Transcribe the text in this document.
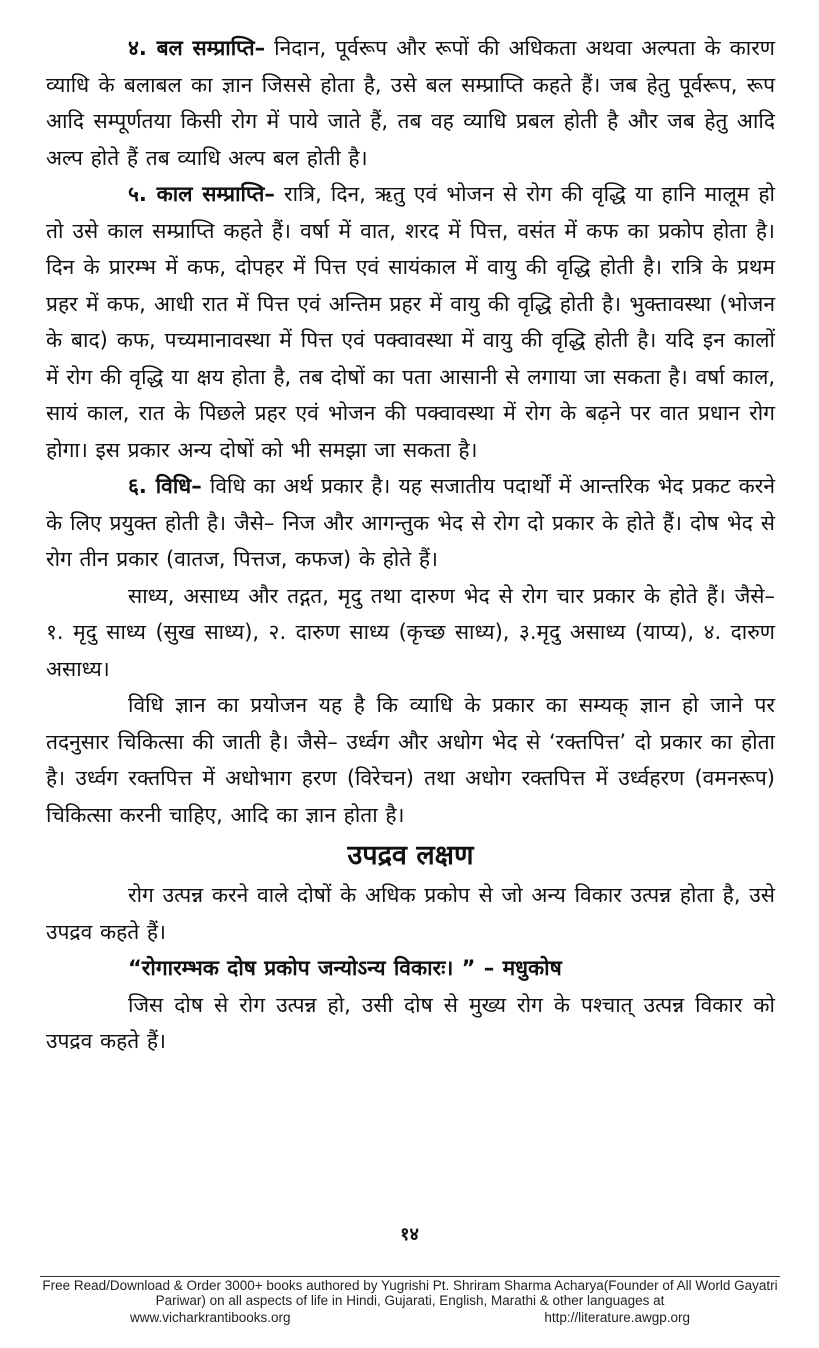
४. बल सम्प्राप्ति– निदान, पूर्वरूप और रूपों की अधिकता अथवा अल्पता के कारण व्याधि के बलाबल का ज्ञान जिससे होता है, उसे बल सम्प्राप्ति कहते हैं। जब हेतु पूर्वरूप, रूप आदि सम्पूर्णतया किसी रोग में पाये जाते हैं, तब वह व्याधि प्रबल होती है और जब हेतु आदि अल्प होते हैं तब व्याधि अल्प बल होती है।

५. काल सम्प्राप्ति– रात्रि, दिन, ऋतु एवं भोजन से रोग की वृद्धि या हानि मालूम हो तो उसे काल सम्प्राप्ति कहते हैं। वर्षा में वात, शरद में पित्त, वसंत में कफ का प्रकोप होता है। दिन के प्रारम्भ में कफ, दोपहर में पित्त एवं सायंकाल में वायु की वृद्धि होती है। रात्रि के प्रथम प्रहर में कफ, आधी रात में पित्त एवं अन्तिम प्रहर में वायु की वृद्धि होती है। भुक्तावस्था (भोजन के बाद) कफ, पच्यमानावस्था में पित्त एवं पक्वावस्था में वायु की वृद्धि होती है। यदि इन कालों में रोग की वृद्धि या क्षय होता है, तब दोषों का पता आसानी से लगाया जा सकता है। वर्षा काल, सायं काल, रात के पिछले प्रहर एवं भोजन की पक्वावस्था में रोग के बढ़ने पर वात प्रधान रोग होगा। इस प्रकार अन्य दोषों को भी समझा जा सकता है।

६. विधि– विधि का अर्थ प्रकार है। यह सजातीय पदार्थों में आन्तरिक भेद प्रकट करने के लिए प्रयुक्त होती है। जैसे– निज और आगन्तुक भेद से रोग दो प्रकार के होते हैं। दोष भेद से रोग तीन प्रकार (वातज, पित्तज, कफज) के होते हैं।

साध्य, असाध्य और तद्गत, मृदु तथा दारुण भेद से रोग चार प्रकार के होते हैं। जैसे– १. मृदु साध्य (सुख साध्य), २. दारुण साध्य (कृच्छ साध्य), ३.मृदु असाध्य (याप्य), ४. दारुण असाध्य।

विधि ज्ञान का प्रयोजन यह है कि व्याधि के प्रकार का सम्यक् ज्ञान हो जाने पर तदनुसार चिकित्सा की जाती है। जैसे– उर्ध्वग और अधोग भेद से ‘रक्तपित्त’ दो प्रकार का होता है। उर्ध्वग रक्तपित्त में अधोभाग हरण (विरेचन) तथा अधोग रक्तपित्त में उर्ध्वहरण (वमनरूप) चिकित्सा करनी चाहिए, आदि का ज्ञान होता है।

उपद्रव लक्षण

रोग उत्पन्न करने वाले दोषों के अधिक प्रकोप से जो अन्य विकार उत्पन्न होता है, उसे उपद्रव कहते हैं।

“रोगारम्भक दोष प्रकोप जन्योऽन्य विकारः। ” – मधुकोष

जिस दोष से रोग उत्पन्न हो, उसी दोष से मुख्य रोग के पश्चात् उत्पन्न विकार को उपद्रव कहते हैं।

१४
Free Read/Download & Order 3000+ books authored by Yugrishi Pt. Shriram Sharma Acharya(Founder of All World Gayatri Pariwar) on all aspects of life in Hindi, Gujarati, English, Marathi & other languages at
www.vicharkrantibooks.org	http://literature.awgp.org
